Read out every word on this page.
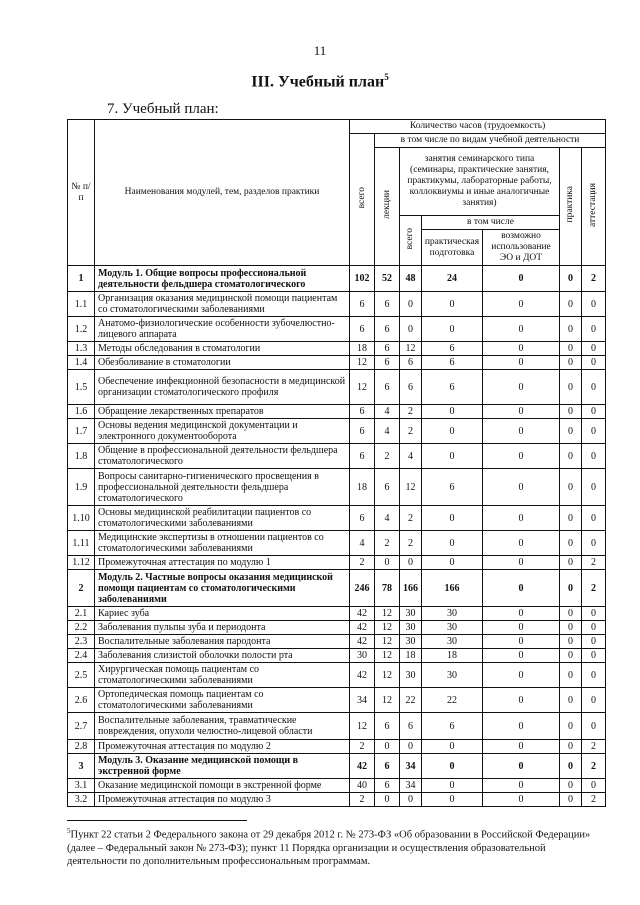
11
III. Учебный план$^5$
7. Учебный план:
№ п/п	Наименования модулей, тем, разделов практики	Количество часов (трудоемкость)						
		всего	в том числе по видам учебной деятельности					
			лекции	занятия семинарского типа (семинары, практические занятия, практикумы, лабораторные работы, коллоквиумы и иные аналогичные занятия)			практика	аттестация
				всего	в том числе			
					практическая подготовка	возможно использование ЭО и ДОТ		
1	Модуль 1. Общие вопросы профессиональной деятельности фельдшера стоматологического	102	52	48	24	0	0	2
1.1	Организация оказания медицинской помощи пациентам со стоматологическими заболеваниями	6	6	0	0	0	0	0
1.2	Анатомо-физиологические особенности зубочелюстно-лицевого аппарата	6	6	0	0	0	0	0
1.3	Методы обследования в стоматологии	18	6	12	6	0	0	0
1.4	Обезболивание в стоматологии	12	6	6	6	0	0	0
1.5	Обеспечение инфекционной безопасности в медицинской организации стоматологического профиля	12	6	6	6	0	0	0
1.6	Обращение лекарственных препаратов	6	4	2	0	0	0	0
1.7	Основы ведения медицинской документации и электронного документооборота	6	4	2	0	0	0	0
1.8	Общение в профессиональной деятельности фельдшера стоматологического	6	2	4	0	0	0	0
1.9	Вопросы санитарно-гигиенического просвещения в профессиональной деятельности фельдшера стоматологического	18	6	12	6	0	0	0
1.10	Основы медицинской реабилитации пациентов со стоматологическими заболеваниями	6	4	2	0	0	0	0
1.11	Медицинские экспертизы в отношении пациентов со стоматологическими заболеваниями	4	2	2	0	0	0	0
1.12	Промежуточная аттестация по модулю 1	2	0	0	0	0	0	2
2	Модуль 2. Частные вопросы оказания медицинской помощи пациентам со стоматологическими заболеваниями	246	78	166	166	0	0	2
2.1	Кариес зуба	42	12	30	30	0	0	0
2.2	Заболевания пульпы зуба и периодонта	42	12	30	30	0	0	0
2.3	Воспалительные заболевания пародонта	42	12	30	30	0	0	0
2.4	Заболевания слизистой оболочки полости рта	30	12	18	18	0	0	0
2.5	Хирургическая помощь пациентам со стоматологическими заболеваниями	42	12	30	30	0	0	0
2.6	Ортопедическая помощь пациентам со стоматологическими заболеваниями	34	12	22	22	0	0	0
2.7	Воспалительные заболевания, травматические повреждения, опухоли челюстно-лицевой области	12	6	6	6	0	0	0
2.8	Промежуточная аттестация по модулю 2	2	0	0	0	0	0	2
3	Модуль 3. Оказание медицинской помощи в экстренной форме	42	6	34	0	0	0	2
3.1	Оказание медицинской помощи в экстренной форме	40	6	34	0	0	0	0
3.2	Промежуточная аттестация по модулю 3	2	0	0	0	0	0	2
$^5$Пункт 22 статьи 2 Федерального закона от 29 декабря 2012 г. № 273-ФЗ «Об образовании в Российской Федерации» (далее – Федеральный закон № 273-ФЗ); пункт 11 Порядка организации и осуществления образовательной деятельности по дополнительным профессиональным программам.
